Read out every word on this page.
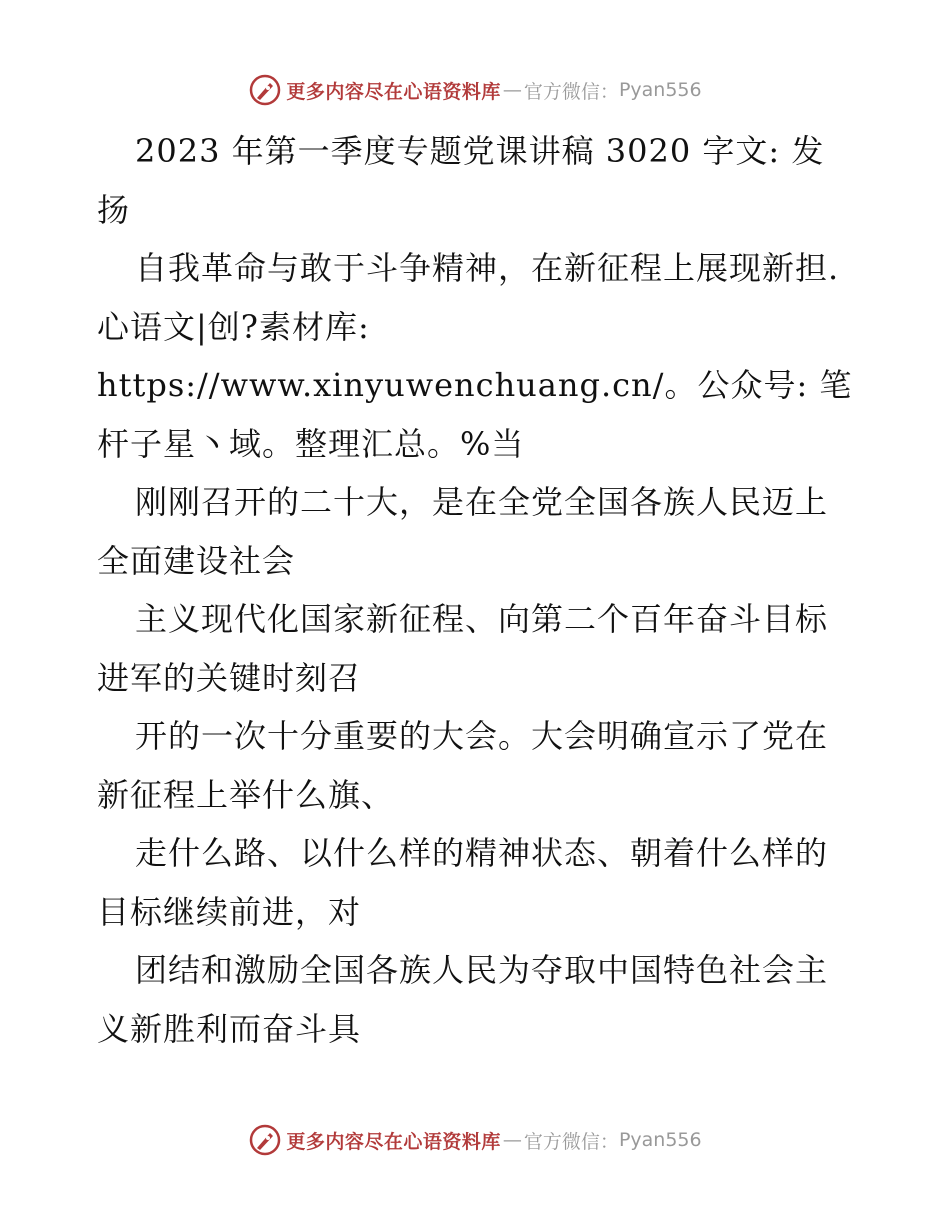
更多内容尽在心语资料库 — 官方微信： Pyan556

2023 年第一季度专题党课讲稿 3020 字文: 发扬

自我革命与敢于斗争精神，在新征程上展现新担.心语文|创?素材库: https://www.xinyuwenchuang.cn/。公众号: 笔杆子星丶域。整理汇总。%当

刚刚召开的二十大，是在全党全国各族人民迈上全面建设社会

主义现代化国家新征程、向第二个百年奋斗目标进军的关键时刻召

开的一次十分重要的大会。大会明确宣示了党在新征程上举什么旗、

走什么路、以什么样的精神状态、朝着什么样的目标继续前进，对

团结和激励全国各族人民为夺取中国特色社会主义新胜利而奋斗具

更多内容尽在心语资料库 — 官方微信： Pyan556
